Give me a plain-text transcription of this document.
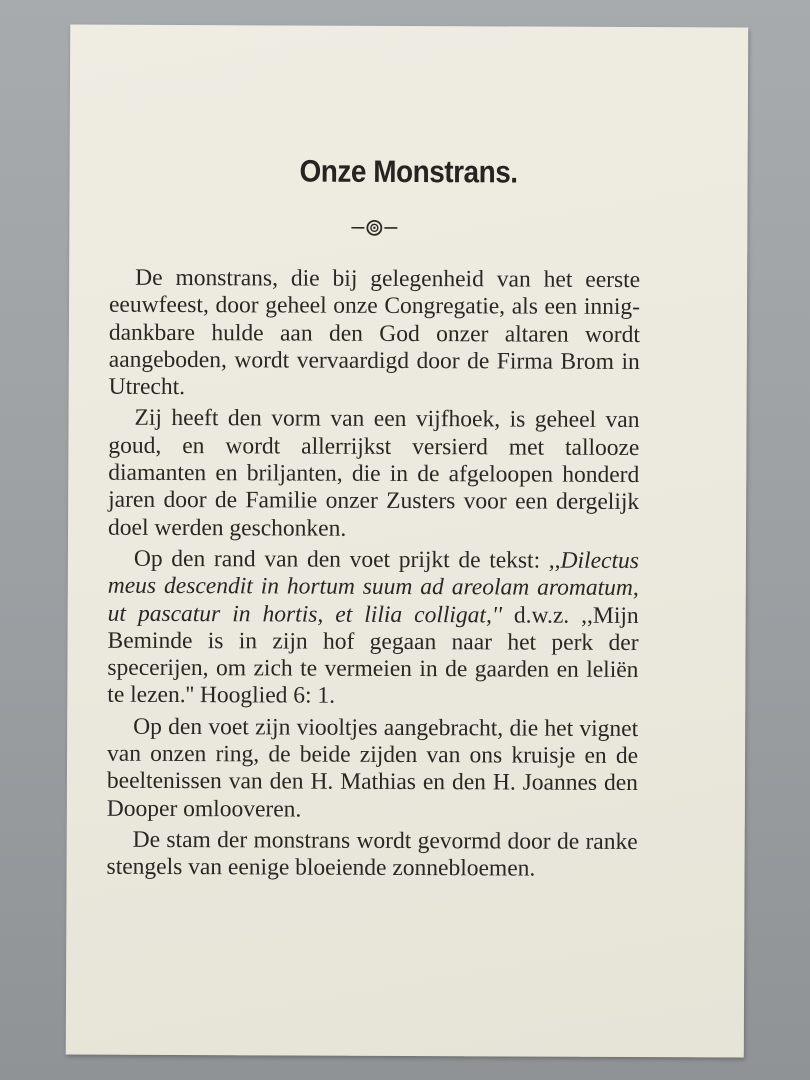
Onze Monstrans.

De monstrans, die bij gelegenheid van het eerste eeuwfeest, door geheel onze Congregatie, als een innig-dankbare hulde aan den God onzer altaren wordt aangeboden, wordt vervaardigd door de Firma Brom in Utrecht.

Zij heeft den vorm van een vijfhoek, is geheel van goud, en wordt allerrijkst versierd met tallooze diamanten en briljanten, die in de afgeloopen honderd jaren door de Familie onzer Zusters voor een dergelijk doel werden geschonken.

Op den rand van den voet prijkt de tekst: ,,Dilectus meus descendit in hortum suum ad areolam aromatum, ut pascatur in hortis, et lilia colligat,'' d.w.z. ,,Mijn Beminde is in zijn hof gegaan naar het perk der specerijen, om zich te vermeien in de gaarden en leliën te lezen.'' Hooglied 6: 1.

Op den voet zijn viooltjes aangebracht, die het vignet van onzen ring, de beide zijden van ons kruisje en de beeltenissen van den H. Mathias en den H. Joannes den Dooper omlooveren.

De stam der monstrans wordt gevormd door de ranke stengels van eenige bloeiende zonnebloemen.
